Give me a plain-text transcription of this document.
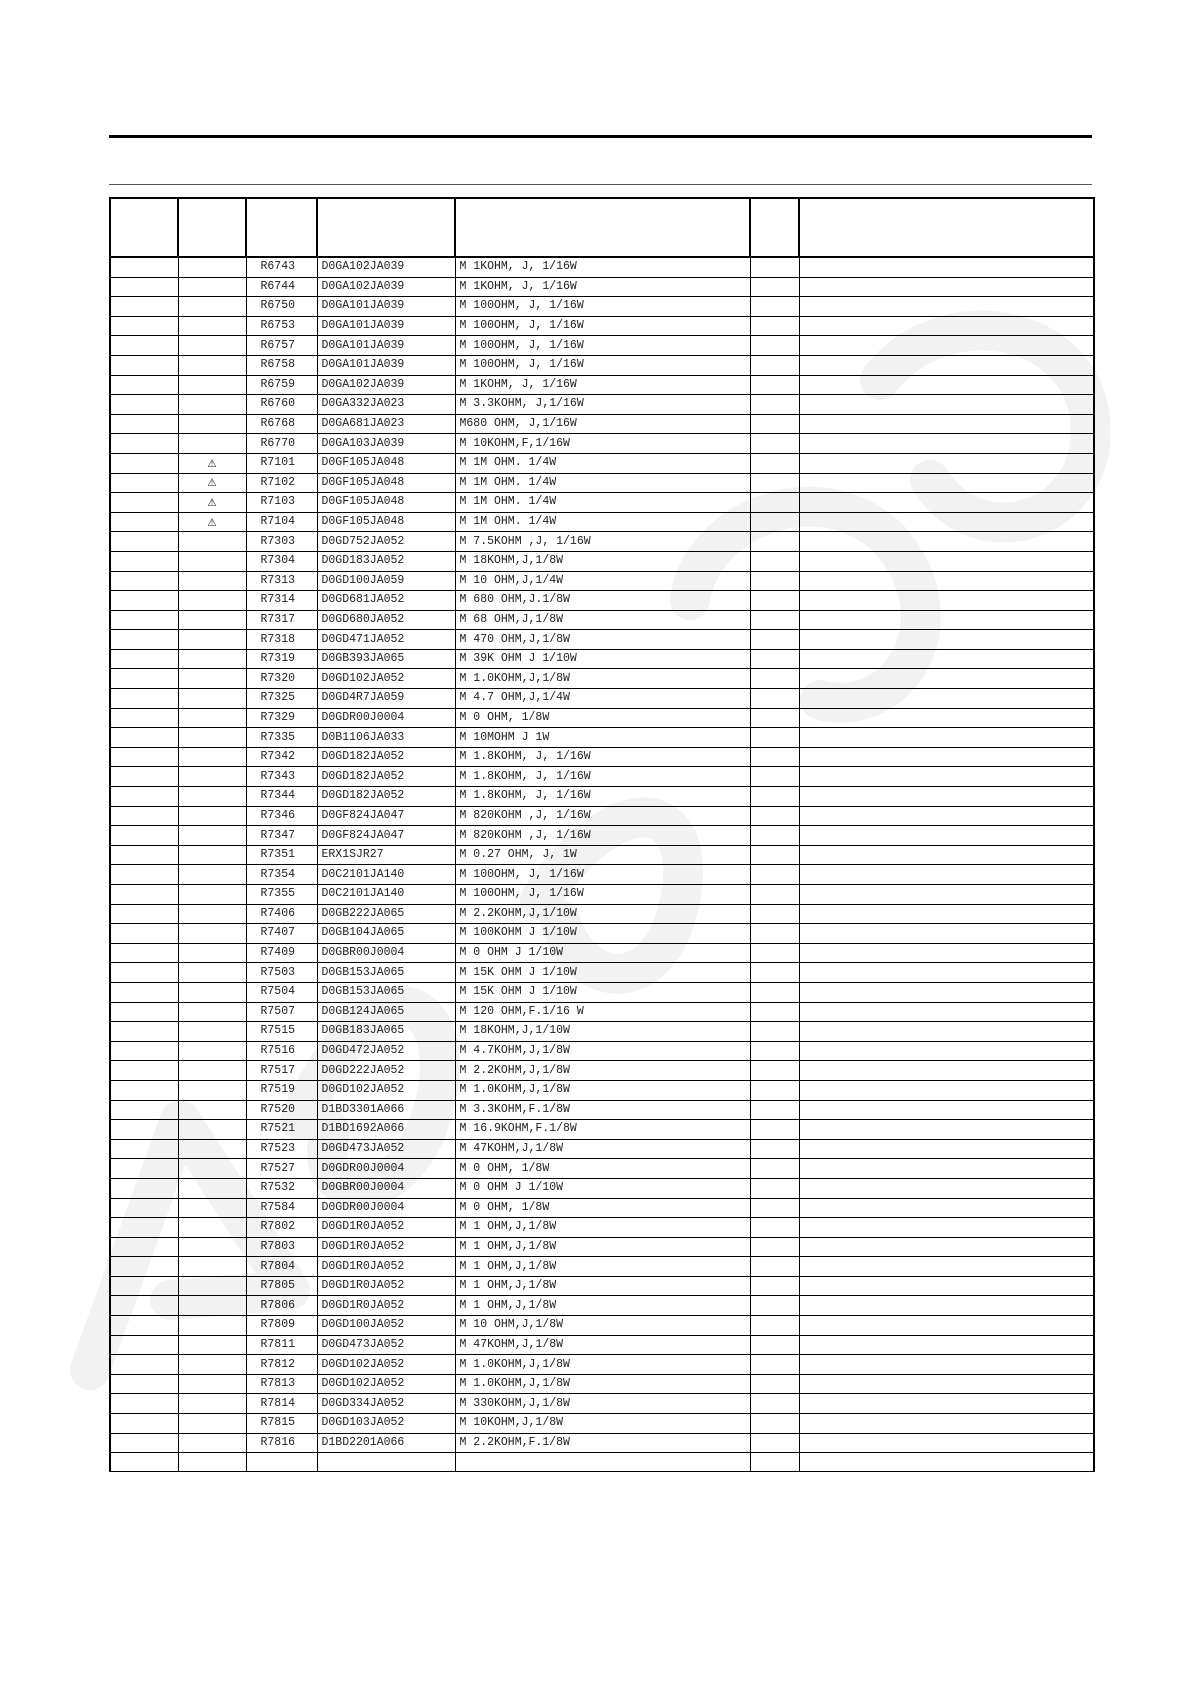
		R6743	D0GA102JA039	M 1KOHM, J, 1/16W		
		R6744	D0GA102JA039	M 1KOHM, J, 1/16W		
		R6750	D0GA101JA039	M 100OHM, J, 1/16W		
		R6753	D0GA101JA039	M 100OHM, J, 1/16W		
		R6757	D0GA101JA039	M 100OHM, J, 1/16W		
		R6758	D0GA101JA039	M 100OHM, J, 1/16W		
		R6759	D0GA102JA039	M 1KOHM, J, 1/16W		
		R6760	D0GA332JA023	M 3.3KOHM, J,1/16W		
		R6768	D0GA681JA023	M680 OHM, J,1/16W		
		R6770	D0GA103JA039	M 10KOHM,F,1/16W		
	⚠	R7101	D0GF105JA048	M 1M OHM. 1/4W		
	⚠	R7102	D0GF105JA048	M 1M OHM. 1/4W		
	⚠	R7103	D0GF105JA048	M 1M OHM. 1/4W		
	⚠	R7104	D0GF105JA048	M 1M OHM. 1/4W		
		R7303	D0GD752JA052	M 7.5KOHM ,J, 1/16W		
		R7304	D0GD183JA052	M 18KOHM,J,1/8W		
		R7313	D0GD100JA059	M 10 OHM,J,1/4W		
		R7314	D0GD681JA052	M 680 OHM,J.1/8W		
		R7317	D0GD680JA052	M 68 OHM,J,1/8W		
		R7318	D0GD471JA052	M 470 OHM,J,1/8W		
		R7319	D0GB393JA065	M 39K OHM J 1/10W		
		R7320	D0GD102JA052	M 1.0KOHM,J,1/8W		
		R7325	D0GD4R7JA059	M 4.7 OHM,J,1/4W		
		R7329	D0GDR00J0004	M 0 OHM, 1/8W		
		R7335	D0B1106JA033	M 10MOHM J 1W		
		R7342	D0GD182JA052	M 1.8KOHM, J, 1/16W		
		R7343	D0GD182JA052	M 1.8KOHM, J, 1/16W		
		R7344	D0GD182JA052	M 1.8KOHM, J, 1/16W		
		R7346	D0GF824JA047	M 820KOHM ,J, 1/16W		
		R7347	D0GF824JA047	M 820KOHM ,J, 1/16W		
		R7351	ERX1SJR27	M 0.27 OHM, J, 1W		
		R7354	D0C2101JA140	M 100OHM, J, 1/16W		
		R7355	D0C2101JA140	M 100OHM, J, 1/16W		
		R7406	D0GB222JA065	M 2.2KOHM,J,1/10W		
		R7407	D0GB104JA065	M 100KOHM J 1/10W		
		R7409	D0GBR00J0004	M 0 OHM J 1/10W		
		R7503	D0GB153JA065	M 15K OHM J 1/10W		
		R7504	D0GB153JA065	M 15K OHM J 1/10W		
		R7507	D0GB124JA065	M 120 OHM,F.1/16 W		
		R7515	D0GB183JA065	M 18KOHM,J,1/10W		
		R7516	D0GD472JA052	M 4.7KOHM,J,1/8W		
		R7517	D0GD222JA052	M 2.2KOHM,J,1/8W		
		R7519	D0GD102JA052	M 1.0KOHM,J,1/8W		
		R7520	D1BD3301A066	M 3.3KOHM,F.1/8W		
		R7521	D1BD1692A066	M 16.9KOHM,F.1/8W		
		R7523	D0GD473JA052	M 47KOHM,J,1/8W		
		R7527	D0GDR00J0004	M 0 OHM, 1/8W		
		R7532	D0GBR00J0004	M 0 OHM J 1/10W		
		R7584	D0GDR00J0004	M 0 OHM, 1/8W		
		R7802	D0GD1R0JA052	M 1 OHM,J,1/8W		
		R7803	D0GD1R0JA052	M 1 OHM,J,1/8W		
		R7804	D0GD1R0JA052	M 1 OHM,J,1/8W		
		R7805	D0GD1R0JA052	M 1 OHM,J,1/8W		
		R7806	D0GD1R0JA052	M 1 OHM,J,1/8W		
		R7809	D0GD100JA052	M 10 OHM,J,1/8W		
		R7811	D0GD473JA052	M 47KOHM,J,1/8W		
		R7812	D0GD102JA052	M 1.0KOHM,J,1/8W		
		R7813	D0GD102JA052	M 1.0KOHM,J,1/8W		
		R7814	D0GD334JA052	M 330KOHM,J,1/8W		
		R7815	D0GD103JA052	M 10KOHM,J,1/8W		
		R7816	D1BD2201A066	M 2.2KOHM,F.1/8W		
